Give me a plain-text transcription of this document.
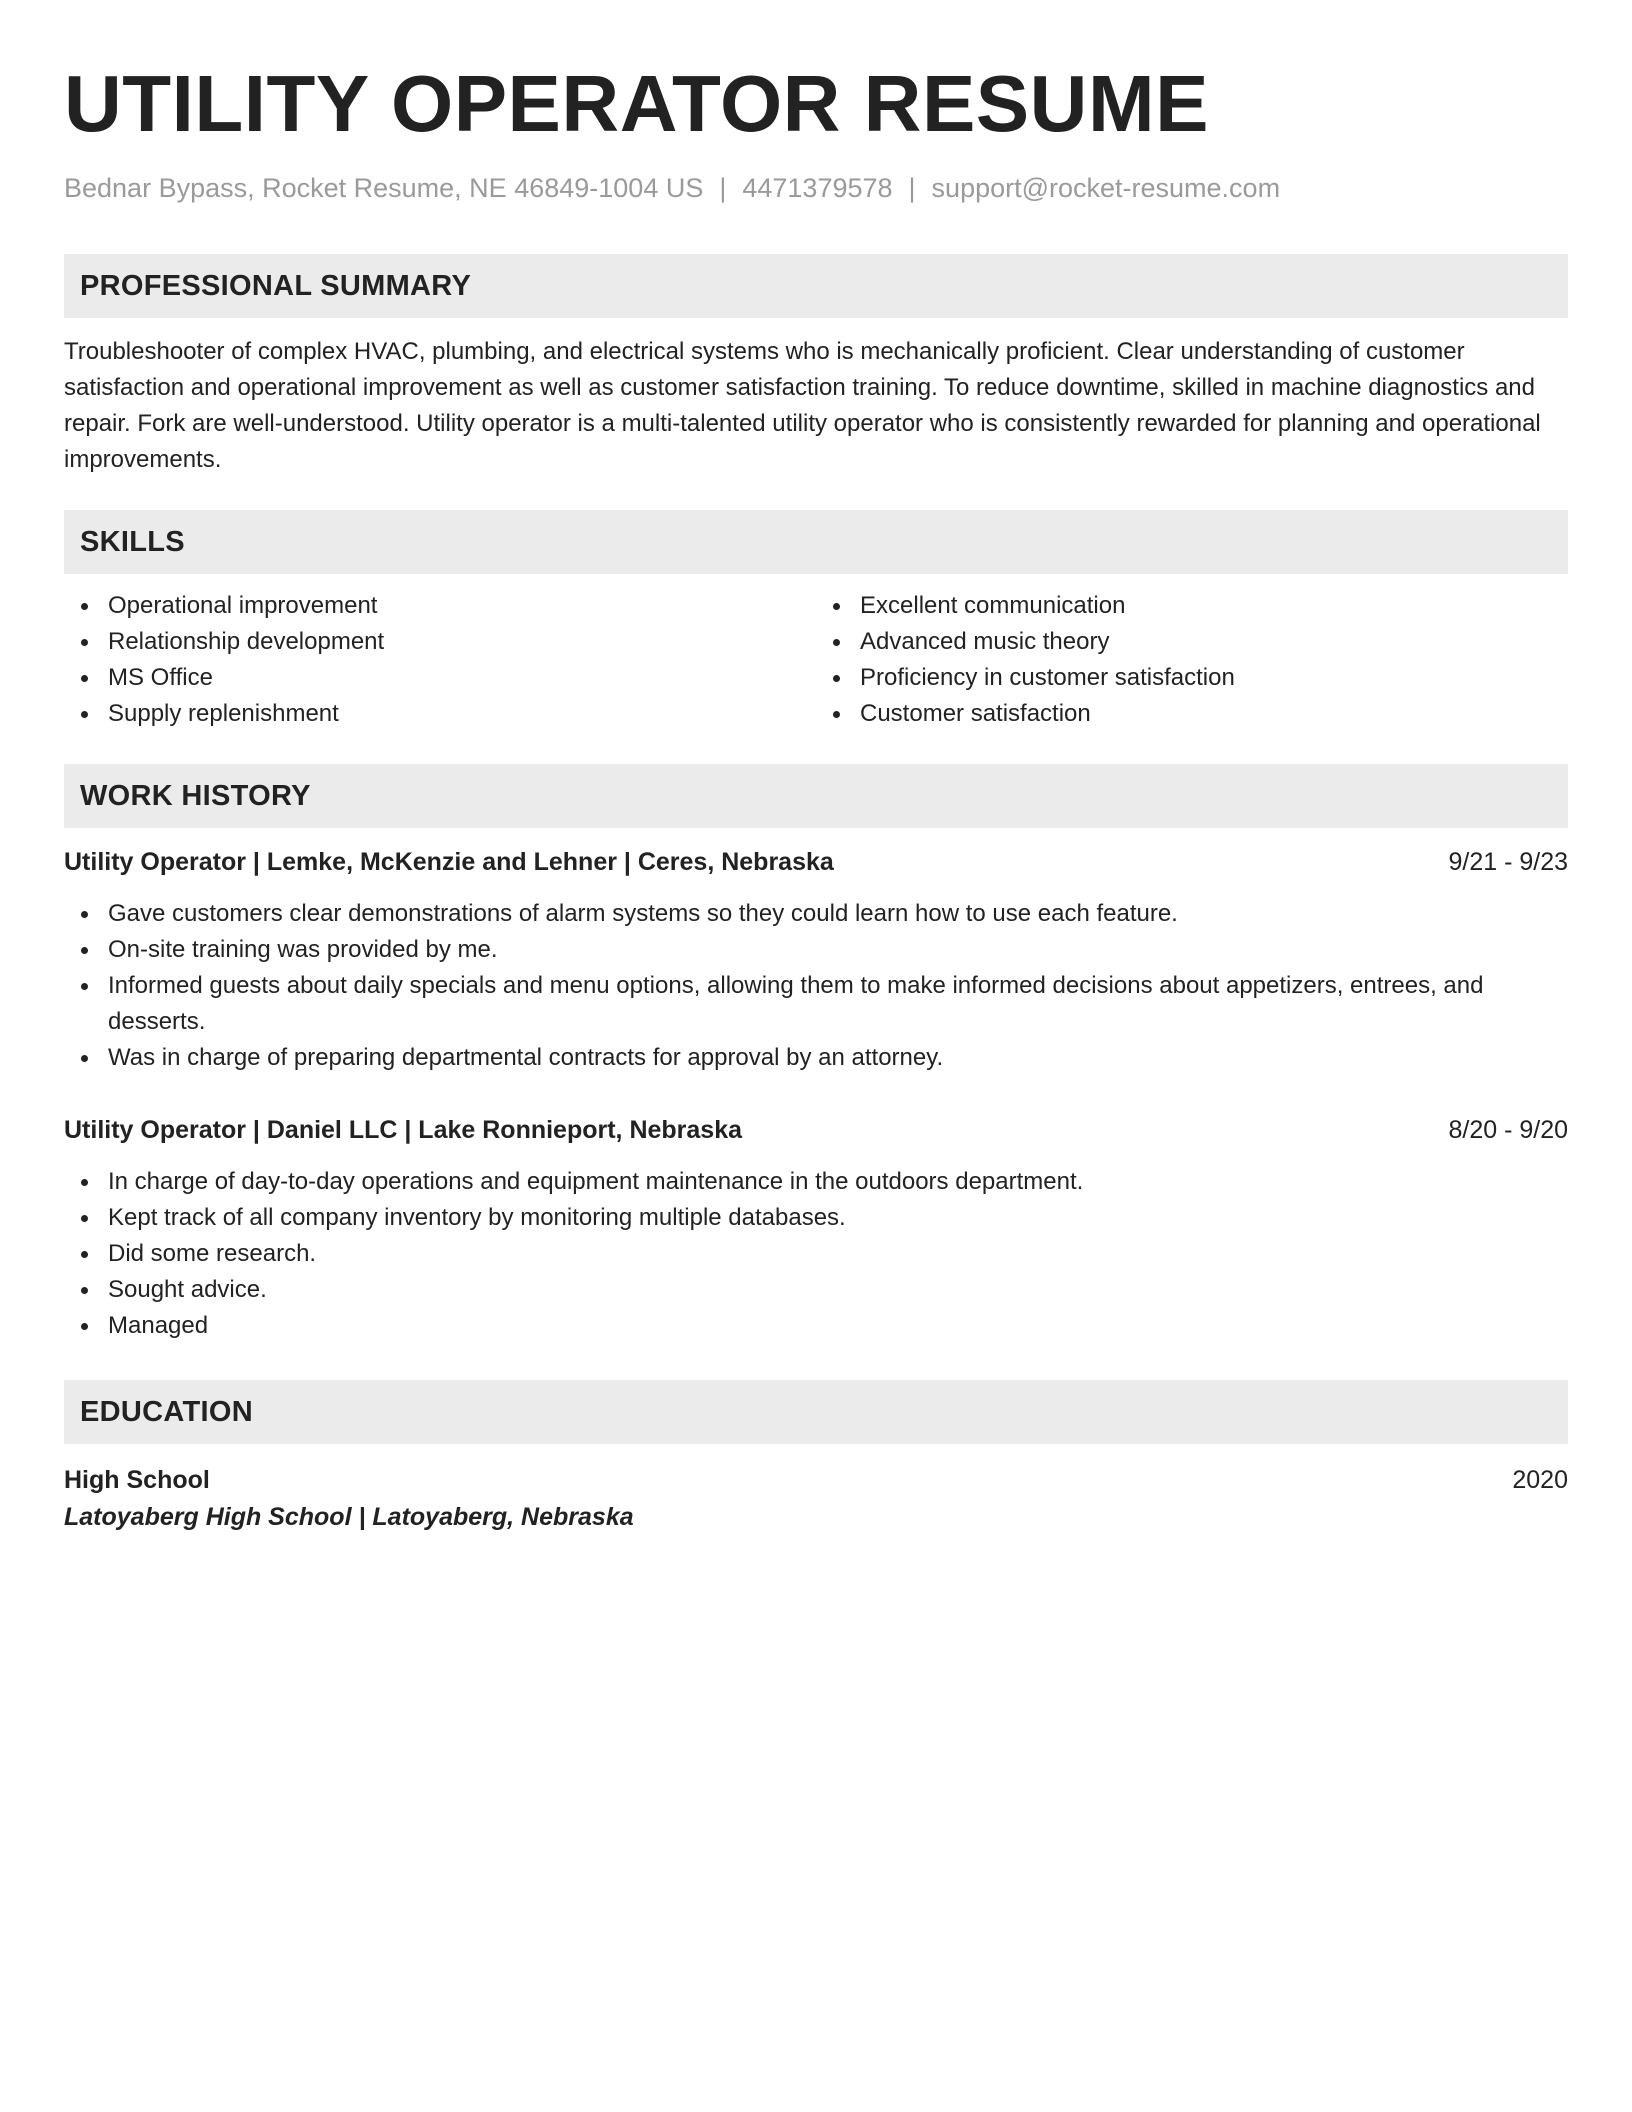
UTILITY OPERATOR RESUME
Bednar Bypass, Rocket Resume, NE 46849-1004 US | 4471379578 | support@rocket-resume.com
PROFESSIONAL SUMMARY
Troubleshooter of complex HVAC, plumbing, and electrical systems who is mechanically proficient. Clear understanding of customer satisfaction and operational improvement as well as customer satisfaction training. To reduce downtime, skilled in machine diagnostics and repair. Fork are well-understood. Utility operator is a multi-talented utility operator who is consistently rewarded for planning and operational improvements.
SKILLS
Operational improvement
Relationship development
MS Office
Supply replenishment
Excellent communication
Advanced music theory
Proficiency in customer satisfaction
Customer satisfaction
WORK HISTORY
Utility Operator | Lemke, McKenzie and Lehner | Ceres, Nebraska	9/21 - 9/23
Gave customers clear demonstrations of alarm systems so they could learn how to use each feature.
On-site training was provided by me.
Informed guests about daily specials and menu options, allowing them to make informed decisions about appetizers, entrees, and desserts.
Was in charge of preparing departmental contracts for approval by an attorney.
Utility Operator | Daniel LLC | Lake Ronnieport, Nebraska	8/20 - 9/20
In charge of day-to-day operations and equipment maintenance in the outdoors department.
Kept track of all company inventory by monitoring multiple databases.
Did some research.
Sought advice.
Managed
EDUCATION
High School	2020
Latoyaberg High School | Latoyaberg, Nebraska
